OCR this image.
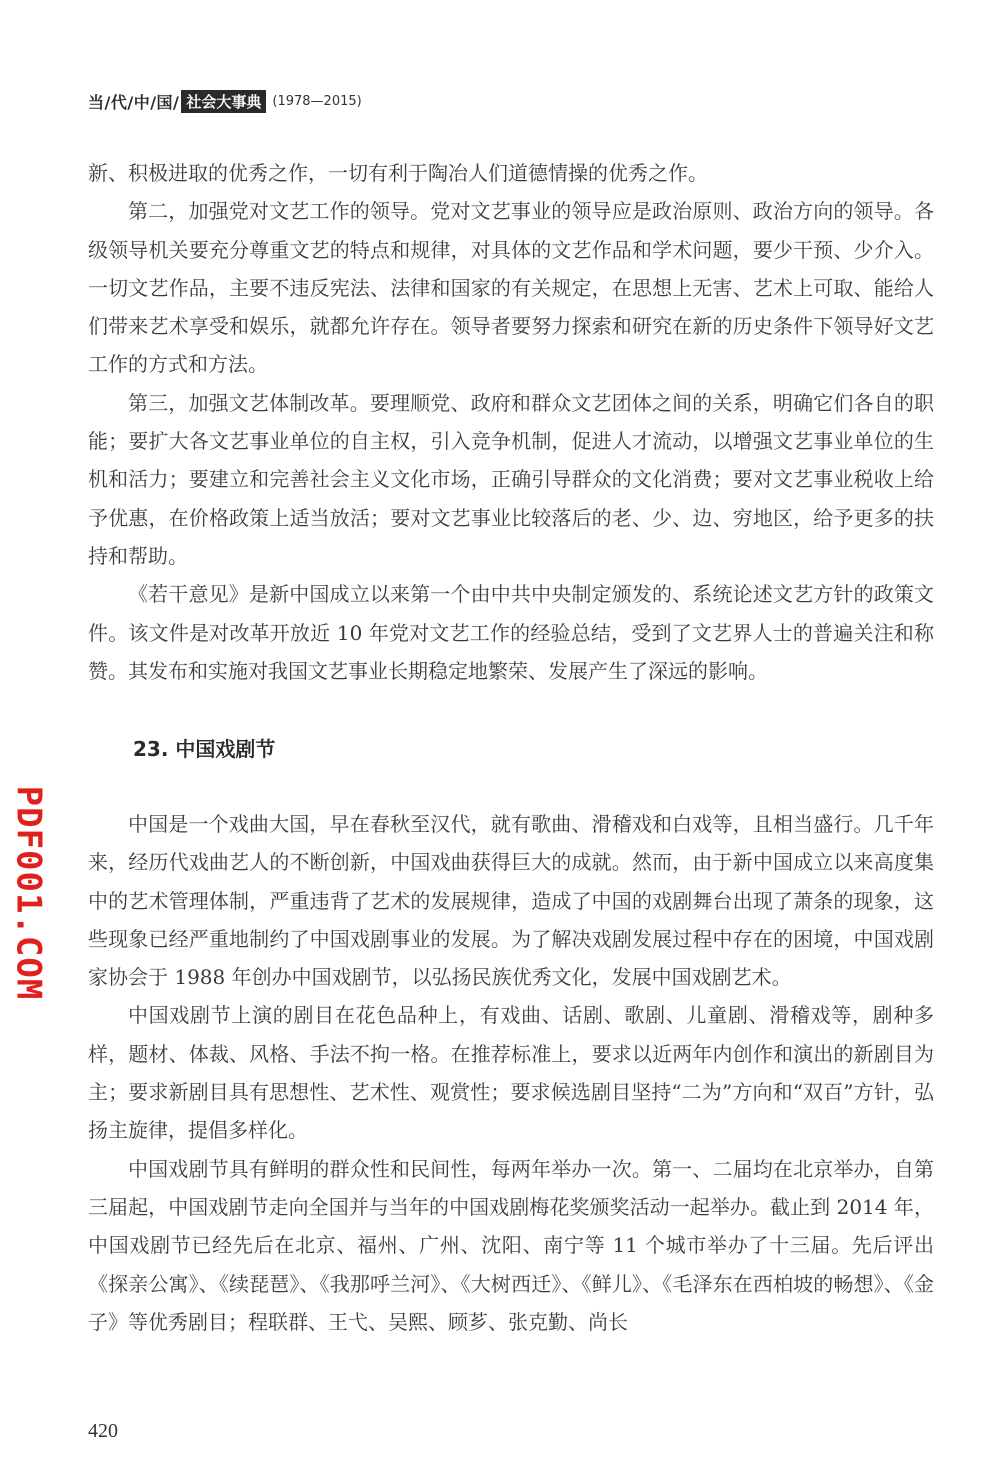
当/代/中/国/ 社会大事典 (1978—2015)

新、积极进取的优秀之作，一切有利于陶冶人们道德情操的优秀之作。

第二，加强党对文艺工作的领导。党对文艺事业的领导应是政治原则、政治方向的领导。各级领导机关要充分尊重文艺的特点和规律，对具体的文艺作品和学术问题，要少干预、少介入。一切文艺作品，主要不违反宪法、法律和国家的有关规定，在思想上无害、艺术上可取、能给人们带来艺术享受和娱乐，就都允许存在。领导者要努力探索和研究在新的历史条件下领导好文艺工作的方式和方法。

第三，加强文艺体制改革。要理顺党、政府和群众文艺团体之间的关系，明确它们各自的职能；要扩大各文艺事业单位的自主权，引入竞争机制，促进人才流动，以增强文艺事业单位的生机和活力；要建立和完善社会主义文化市场，正确引导群众的文化消费；要对文艺事业税收上给予优惠，在价格政策上适当放活；要对文艺事业比较落后的老、少、边、穷地区，给予更多的扶持和帮助。

《若干意见》是新中国成立以来第一个由中共中央制定颁发的、系统论述文艺方针的政策文件。该文件是对改革开放近 10 年党对文艺工作的经验总结，受到了文艺界人士的普遍关注和称赞。其发布和实施对我国文艺事业长期稳定地繁荣、发展产生了深远的影响。

23. 中国戏剧节

中国是一个戏曲大国，早在春秋至汉代，就有歌曲、滑稽戏和白戏等，且相当盛行。几千年来，经历代戏曲艺人的不断创新，中国戏曲获得巨大的成就。然而，由于新中国成立以来高度集中的艺术管理体制，严重违背了艺术的发展规律，造成了中国的戏剧舞台出现了萧条的现象，这些现象已经严重地制约了中国戏剧事业的发展。为了解决戏剧发展过程中存在的困境，中国戏剧家协会于 1988 年创办中国戏剧节，以弘扬民族优秀文化，发展中国戏剧艺术。

中国戏剧节上演的剧目在花色品种上，有戏曲、话剧、歌剧、儿童剧、滑稽戏等，剧种多样，题材、体裁、风格、手法不拘一格。在推荐标准上，要求以近两年内创作和演出的新剧目为主；要求新剧目具有思想性、艺术性、观赏性；要求候选剧目坚持“二为”方向和“双百”方针，弘扬主旋律，提倡多样化。

中国戏剧节具有鲜明的群众性和民间性，每两年举办一次。第一、二届均在北京举办，自第三届起，中国戏剧节走向全国并与当年的中国戏剧梅花奖颁奖活动一起举办。截止到 2014 年，中国戏剧节已经先后在北京、福州、广州、沈阳、南宁等 11 个城市举办了十三届。先后评出《探亲公寓》、《续琵琶》、《我那呼兰河》、《大树西迁》、《鲜儿》、《毛泽东在西柏坡的畅想》、《金子》等优秀剧目；程联群、王弋、吴熙、顾芗、张克勤、尚长

PDF001.COM
420
